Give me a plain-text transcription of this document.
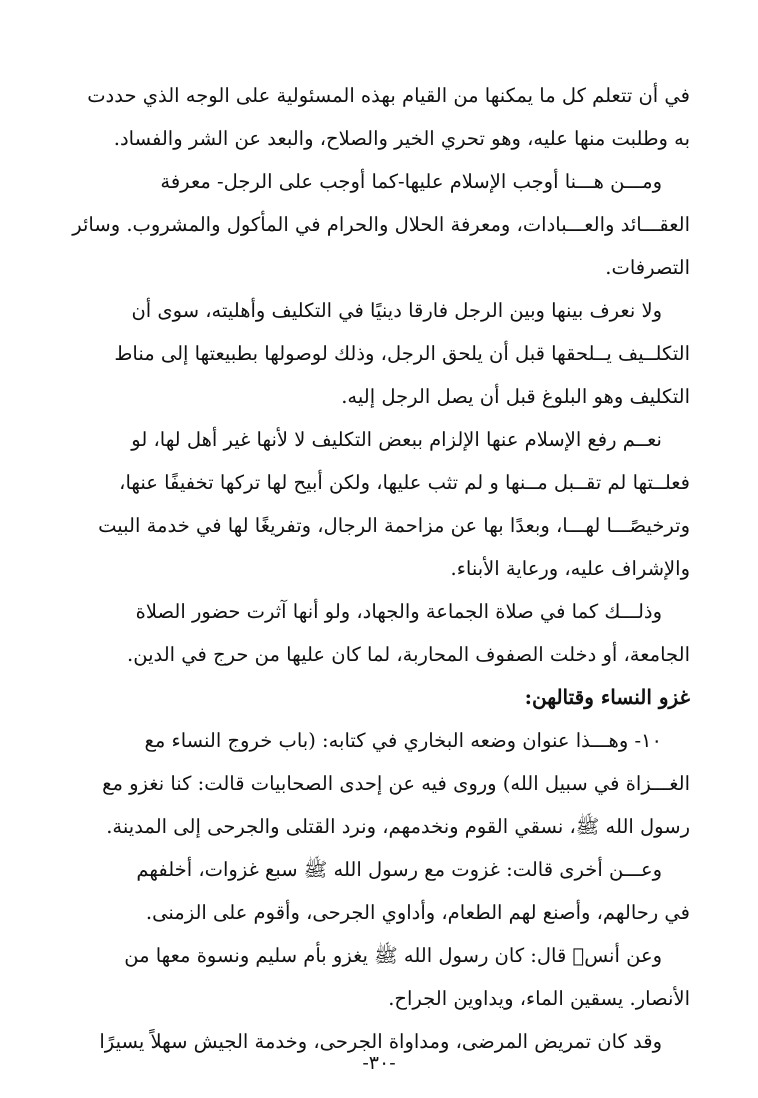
في أن تتعلم كل ما يمكنها من القيام بهذه المسئولية على الوجه الذي حددت
به وطلبت منها عليه، وهو تحري الخير والصلاح، والبعد عن الشر والفساد.

ومـــن هـــنا أوجب الإسلام عليها-كما أوجب على الرجل- معرفة
العقـــائد والعـــبادات، ومعرفة الحلال والحرام في المأكول والمشروب. وسائر
التصرفات.

ولا نعرف بينها وبين الرجل فارقا دينيًا في التكليف وأهليته، سوى أن
التكلــيف يــلحقها قبل أن يلحق الرجل، وذلك لوصولها بطبيعتها إلى مناط
التكليف وهو البلوغ قبل أن يصل الرجل إليه.

نعــم رفع الإسلام عنها الإلزام ببعض التكليف لا لأنها غير أهل لها، لو
فعلــتها لم تقــبل مــنها و لم تثب عليها، ولكن أبيح لها تركها تخفيفًا عنها،
وترخيصًـــا لهـــا، وبعدًا بها عن مزاحمة الرجال، وتفريغًا لها في خدمة البيت
والإشراف عليه، ورعاية الأبناء.

وذلـــك كما في صلاة الجماعة والجهاد، ولو أنها آثرت حضور الصلاة
الجامعة، أو دخلت الصفوف المحاربة، لما كان عليها من حرج في الدين.

غزو النساء وقتالهن:

١٠- وهـــذا عنوان وضعه البخاري في كتابه: (باب خروج النساء مع
الغـــزاة في سبيل الله) وروى فيه عن إحدى الصحابيات قالت: كنا نغزو مع
رسول الله ﷺ، نسقي القوم ونخدمهم، ونرد القتلى والجرحى إلى المدينة.

وعـــن أخرى قالت: غزوت مع رسول الله ﷺ سبع غزوات، أخلفهم
في رحالهم، وأصنع لهم الطعام، وأداوي الجرحى، وأقوم على الزمنى.

وعن أنس﷜ قال: كان رسول الله ﷺ يغزو بأم سليم ونسوة معها من
الأنصار. يسقين الماء، ويداوين الجراح.

وقد كان تمريض المرضى، ومداواة الجرحى، وخدمة الجيش سهلاً يسيرًا

-٣٠-
